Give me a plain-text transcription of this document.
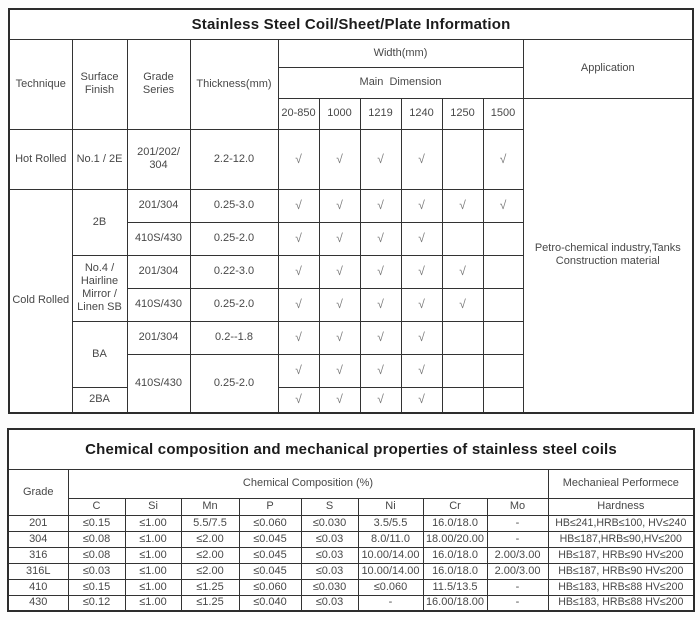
Stainless Steel Coil/Sheet/Plate Information										
Technique	Surface Finish	Grade Series	Thickness(mm)	Width(mm)						Application
				Main  Dimension						
				20-850	1000	1219	1240	1250	1500	Petro-chemical industry,Tanks Construction material
Hot Rolled	No.1 / 2E	201/202/ 304	2.2-12.0	√	√	√	√		√	
Cold Rolled	2B	201/304	0.25-3.0	√	√	√	√	√	√	
		410S/430	0.25-2.0	√	√	√	√			
	No.4 / Hairline Mirror / Linen SB	201/304	0.22-3.0	√	√	√	√	√		
		410S/430	0.25-2.0	√	√	√	√	√		
	BA	201/304	0.2--1.8	√	√	√	√			
		410S/430	0.25-2.0	√	√	√	√			
	2BA			√	√	√	√			
Chemical composition and mechanical properties of stainless steel coils									
Grade	Chemical Composition (%)								Mechanieal Performece
	C	Si	Mn	P	S	Ni	Cr	Mo	Hardness
201	≤0.15	≤1.00	5.5/7.5	≤0.060	≤0.030	3.5/5.5	16.0/18.0	-	HB≤241,HRB≤100, HV≤240
304	≤0.08	≤1.00	≤2.00	≤0.045	≤0.03	8.0/11.0	18.00/20.00	-	HB≤187,HRB≤90,HV≤200
316	≤0.08	≤1.00	≤2.00	≤0.045	≤0.03	10.00/14.00	16.0/18.0	2.00/3.00	HB≤187, HRB≤90 HV≤200
316L	≤0.03	≤1.00	≤2.00	≤0.045	≤0.03	10.00/14.00	16.0/18.0	2.00/3.00	HB≤187, HRB≤90 HV≤200
410	≤0.15	≤1.00	≤1.25	≤0.060	≤0.030	≤0.060	11.5/13.5	-	HB≤183, HRB≤88 HV≤200
430	≤0.12	≤1.00	≤1.25	≤0.040	≤0.03	-	16.00/18.00	-	HB≤183, HRB≤88 HV≤200
